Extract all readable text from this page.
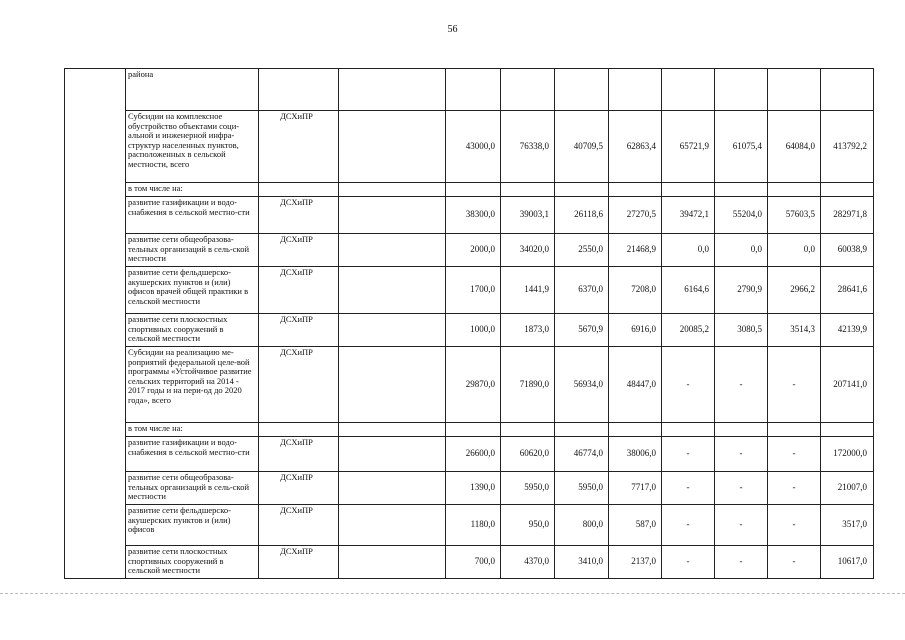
56
	района										
	Субсидии на комплексное обустройство объектами соци-альной и инженерной инфра-структур населенных пунктов, расположенных в сельской местности, всего	ДСХиПР		43000,0	76338,0	40709,5	62863,4	65721,9	61075,4	64084,0	413792,2
	в том числе на:										
	развитие газификации и водо-снабжения в сельской местно-сти	ДСХиПР		38300,0	39003,1	26118,6	27270,5	39472,1	55204,0	57603,5	282971,8
	развитие сети общеобразова-тельных организаций в сель-ской местности	ДСХиПР		2000,0	34020,0	2550,0	21468,9	0,0	0,0	0,0	60038,9
	развитие сети фельдшерско-акушерских пунктов и (или) офисов врачей общей практики в сельской местности	ДСХиПР		1700,0	1441,9	6370,0	7208,0	6164,6	2790,9	2966,2	28641,6
	развитие сети плоскостных спортивных сооружений в сельской местности	ДСХиПР		1000,0	1873,0	5670,9	6916,0	20085,2	3080,5	3514,3	42139,9
	Субсидии на реализацию ме-роприятий федеральной целе-вой программы «Устойчивое развитие сельских территорий на 2014 - 2017 годы и на пери-од до 2020 года», всего	ДСХиПР		29870,0	71890,0	56934,0	48447,0	-	-	-	207141,0
	в том числе на:										
	развитие газификации и водо-снабжения в сельской местно-сти	ДСХиПР		26600,0	60620,0	46774,0	38006,0	-	-	-	172000,0
	развитие сети общеобразова-тельных организаций в сель-ской местности	ДСХиПР		1390,0	5950,0	5950,0	7717,0	-	-	-	21007,0
	развитие сети фельдшерско-акушерских пунктов и (или) офисов	ДСХиПР		1180,0	950,0	800,0	587,0	-	-	-	3517,0
	развитие сети плоскостных спортивных сооружений в сельской местности	ДСХиПР		700,0	4370,0	3410,0	2137,0	-	-	-	10617,0
